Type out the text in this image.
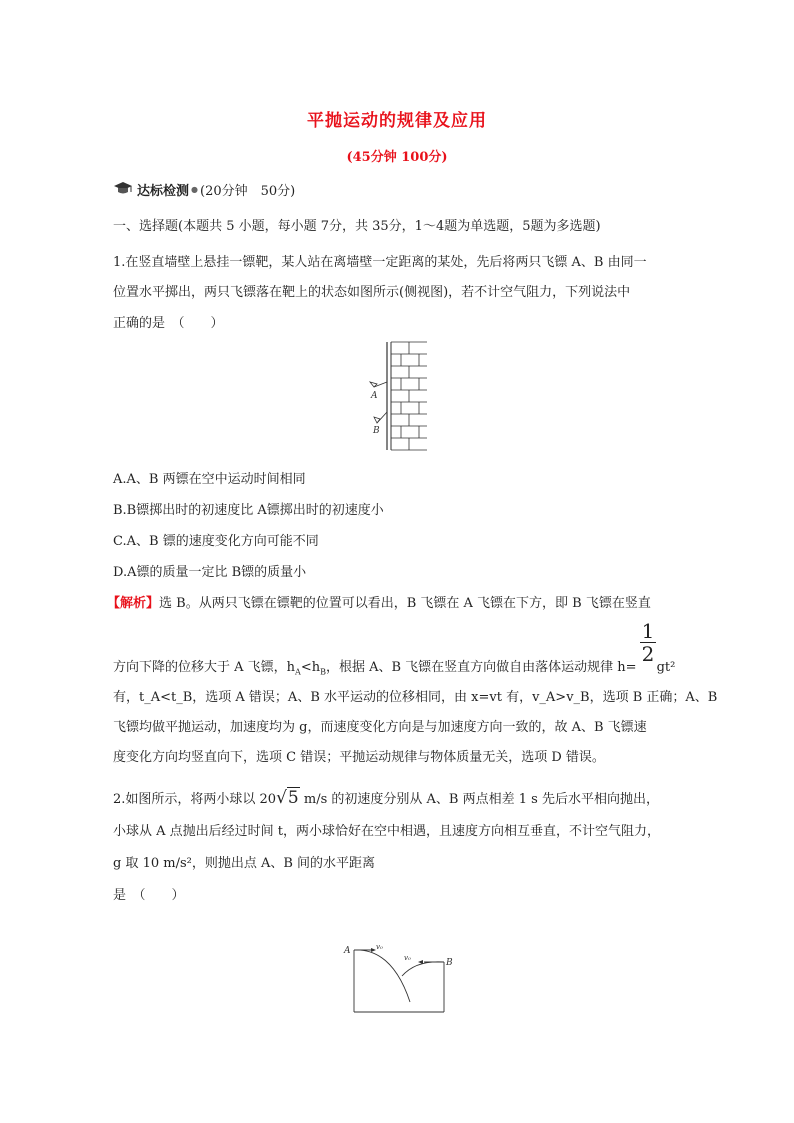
平抛运动的规律及应用
(45分钟 100分)
达标检测 ● (20分钟　50分)
一、选择题(本题共 5 小题，每小题 7分，共 35分，1～4题为单选题，5题为多选题)
1.在竖直墙壁上悬挂一镖靶，某人站在离墙壁一定距离的某处，先后将两只飞镖 A、B 由同一
位置水平掷出，两只飞镖落在靶上的状态如图所示(侧视图)，若不计空气阻力，下列说法中
正确的是　（　　）
A
B
A.A、B 两镖在空中运动时间相同
B.B镖掷出时的初速度比 A镖掷出时的初速度小
C.A、B 镖的速度变化方向可能不同
D.A镖的质量一定比 B镖的质量小
【解析】选 B。从两只飞镖在镖靶的位置可以看出，B 飞镖在 A 飞镖在下方，即 B 飞镖在竖直
$\frac{1}{2}$
方向下降的位移大于 A 飞镖，$h_A<h_B$，根据 A、B 飞镖在竖直方向做自由落体运动规律 h= gt²
有，t_A<t_B，选项 A 错误；A、B 水平运动的位移相同，由 x=vt 有，v_A>v_B，选项 B 正确；A、B
飞镖均做平抛运动，加速度均为 g，而速度变化方向是与加速度方向一致的，故 A、B 飞镖速
度变化方向均竖直向下，选项 C 错误；平抛运动规律与物体质量无关，选项 D 错误。
2.如图所示，将两小球以 20√5 m/s 的初速度分别从 A、B 两点相差 1 s 先后水平相向抛出，
小球从 A 点抛出后经过时间 t，两小球恰好在空中相遇，且速度方向相互垂直，不计空气阻力，
g 取 10 m/s²，则抛出点 A、B 间的水平距离
是　（　　）
A	v₀
v₀	B
